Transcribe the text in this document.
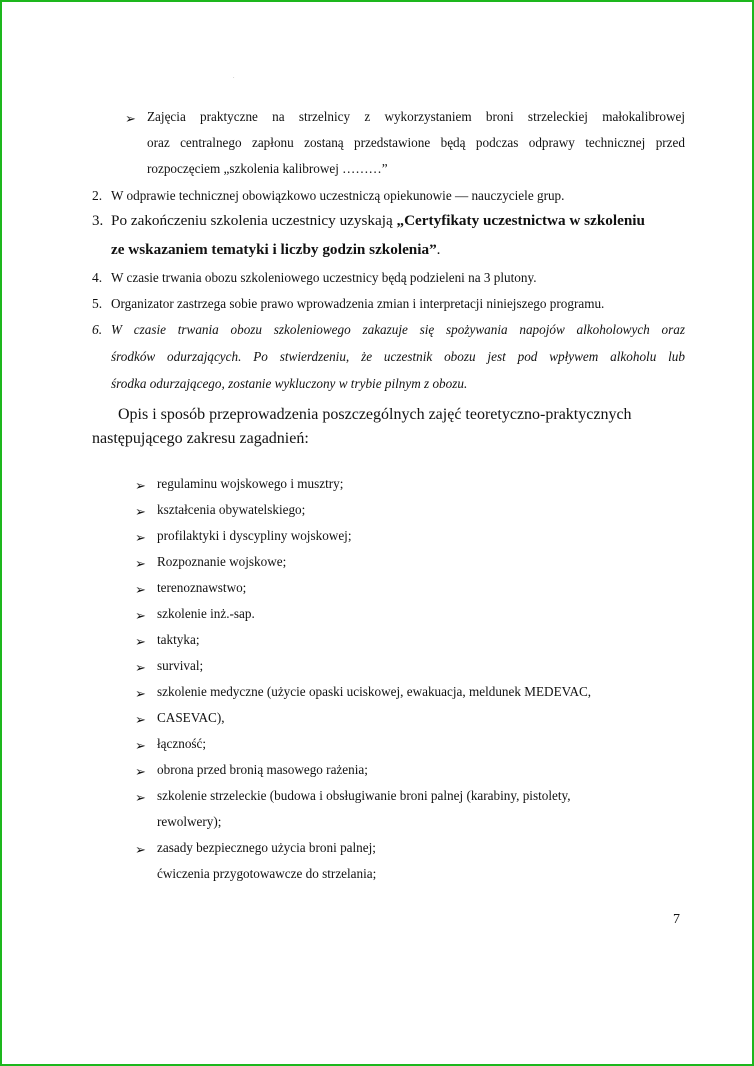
.
➢ Zajęcia praktyczne na strzelnicy z wykorzystaniem broni strzeleckiej małokalibrowej
oraz centralnego zapłonu zostaną przedstawione będą podczas odprawy technicznej przed
rozpoczęciem „szkolenia kalibrowej ………”
2. W odprawie technicznej obowiązkowo uczestniczą opiekunowie — nauczyciele grup.
3. Po zakończeniu szkolenia uczestnicy uzyskają „Certyfikaty uczestnictwa w szkoleniu
ze wskazaniem tematyki i liczby godzin szkolenia”.
4. W czasie trwania obozu szkoleniowego uczestnicy będą podzieleni na 3 plutony.
5. Organizator zastrzega sobie prawo wprowadzenia zmian i interpretacji niniejszego programu.
6. W czasie trwania obozu szkoleniowego zakazuje się spożywania napojów alkoholowych oraz
środków odurzających. Po stwierdzeniu, że uczestnik obozu jest pod wpływem alkoholu lub
środka odurzającego, zostanie wykluczony w trybie pilnym z obozu.
Opis i sposób przeprowadzenia poszczególnych zajęć teoretyczno-praktycznych
następującego zakresu zagadnień:
➢ regulaminu wojskowego i musztry;
➢ kształcenia obywatelskiego;
➢ profilaktyki i dyscypliny wojskowej;
➢ Rozpoznanie wojskowe;
➢ terenoznawstwo;
➢ szkolenie inż.-sap.
➢ taktyka;
➢ survival;
➢ szkolenie medyczne (użycie opaski uciskowej, ewakuacja, meldunek MEDEVAC,
➢ CASEVAC),
➢ łączność;
➢ obrona przed bronią masowego rażenia;
➢ szkolenie strzeleckie (budowa i obsługiwanie broni palnej (karabiny, pistolety,
rewolwery);
➢ zasady bezpiecznego użycia broni palnej;
ćwiczenia przygotowawcze do strzelania;
7
